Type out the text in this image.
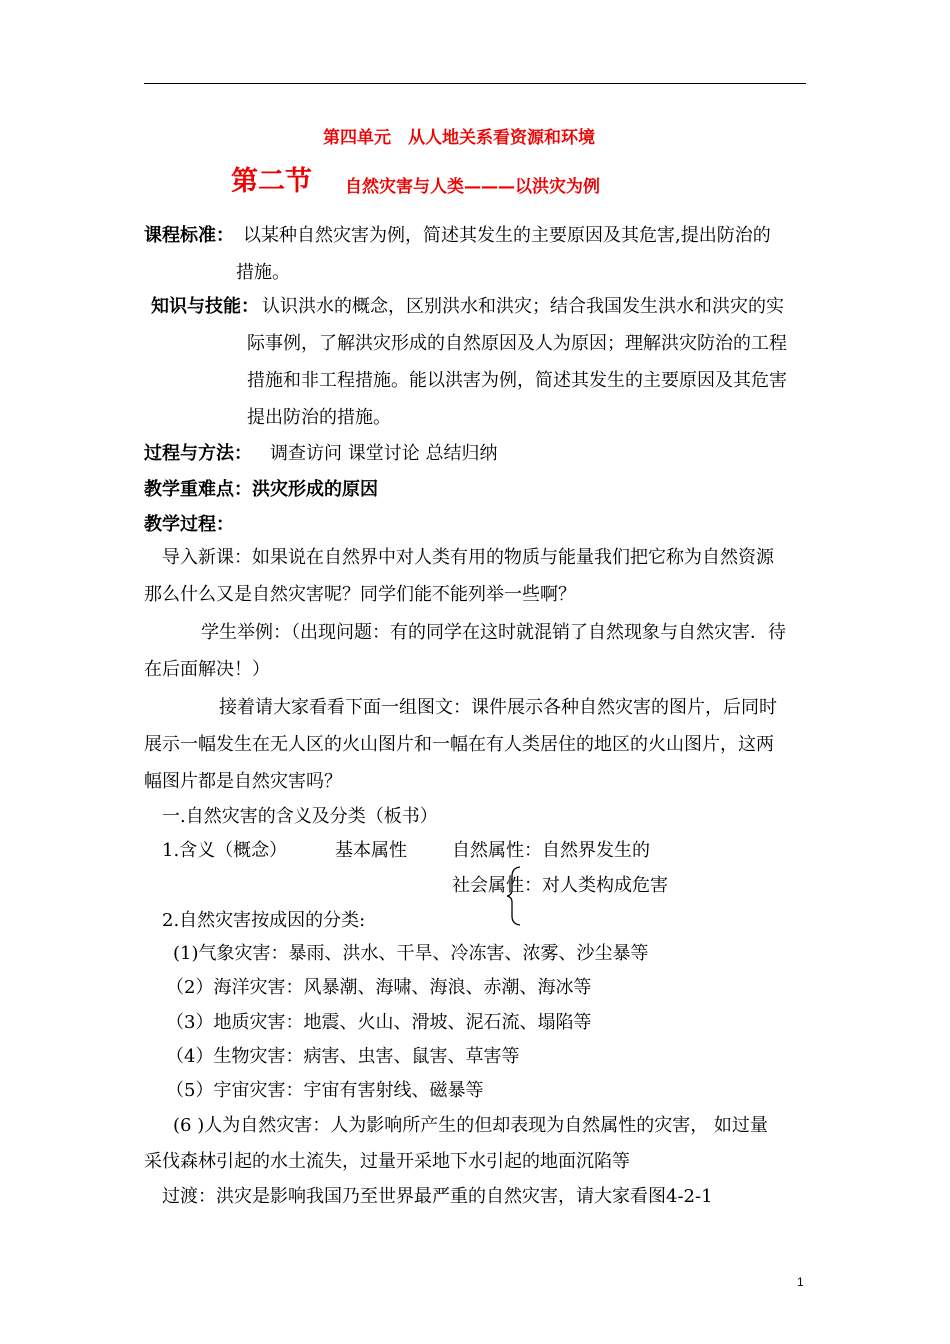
第四单元　从人地关系看资源和环境
第二节 自然灾害与人类———以洪灾为例
课程标准： 以某种自然灾害为例，简述其发生的主要原因及其危害,提出防治的
措施。
知识与技能： 认识洪水的概念，区别洪水和洪灾；结合我国发生洪水和洪灾的实
际事例，了解洪灾形成的自然原因及人为原因；理解洪灾防治的工程
措施和非工程措施。能以洪害为例，简述其发生的主要原因及其危害
提出防治的措施。
过程与方法： 调查访问 课堂讨论 总结归纳
教学重难点：洪灾形成的原因
教学过程：
导入新课：如果说在自然界中对人类有用的物质与能量我们把它称为自然资源
那么什么又是自然灾害呢？同学们能不能列举一些啊？
学生举例：（出现问题：有的同学在这时就混销了自然现象与自然灾害．待
在后面解决！）
接着请大家看看下面一组图文：课件展示各种自然灾害的图片，后同时
展示一幅发生在无人区的火山图片和一幅在有人类居住的地区的火山图片，这两
幅图片都是自然灾害吗？
一.自然灾害的含义及分类（板书）
1.含义（概念）	基本属性	自然属性：自然界发生的
社会属性：对人类构成危害
2.自然灾害按成因的分类:
(1)气象灾害：暴雨、洪水、干旱、冷冻害、浓雾、沙尘暴等
（2）海洋灾害：风暴潮、海啸、海浪、赤潮、海冰等
（3）地质灾害：地震、火山、滑坡、泥石流、塌陷等
（4）生物灾害：病害、虫害、鼠害、草害等
（5）宇宙灾害：宇宙有害射线、磁暴等
(6 )人为自然灾害：人为影响所产生的但却表现为自然属性的灾害， 如过量
采伐森林引起的水土流失，过量开采地下水引起的地面沉陷等
过渡：洪灾是影响我国乃至世界最严重的自然灾害，请大家看图4-2-1
1
